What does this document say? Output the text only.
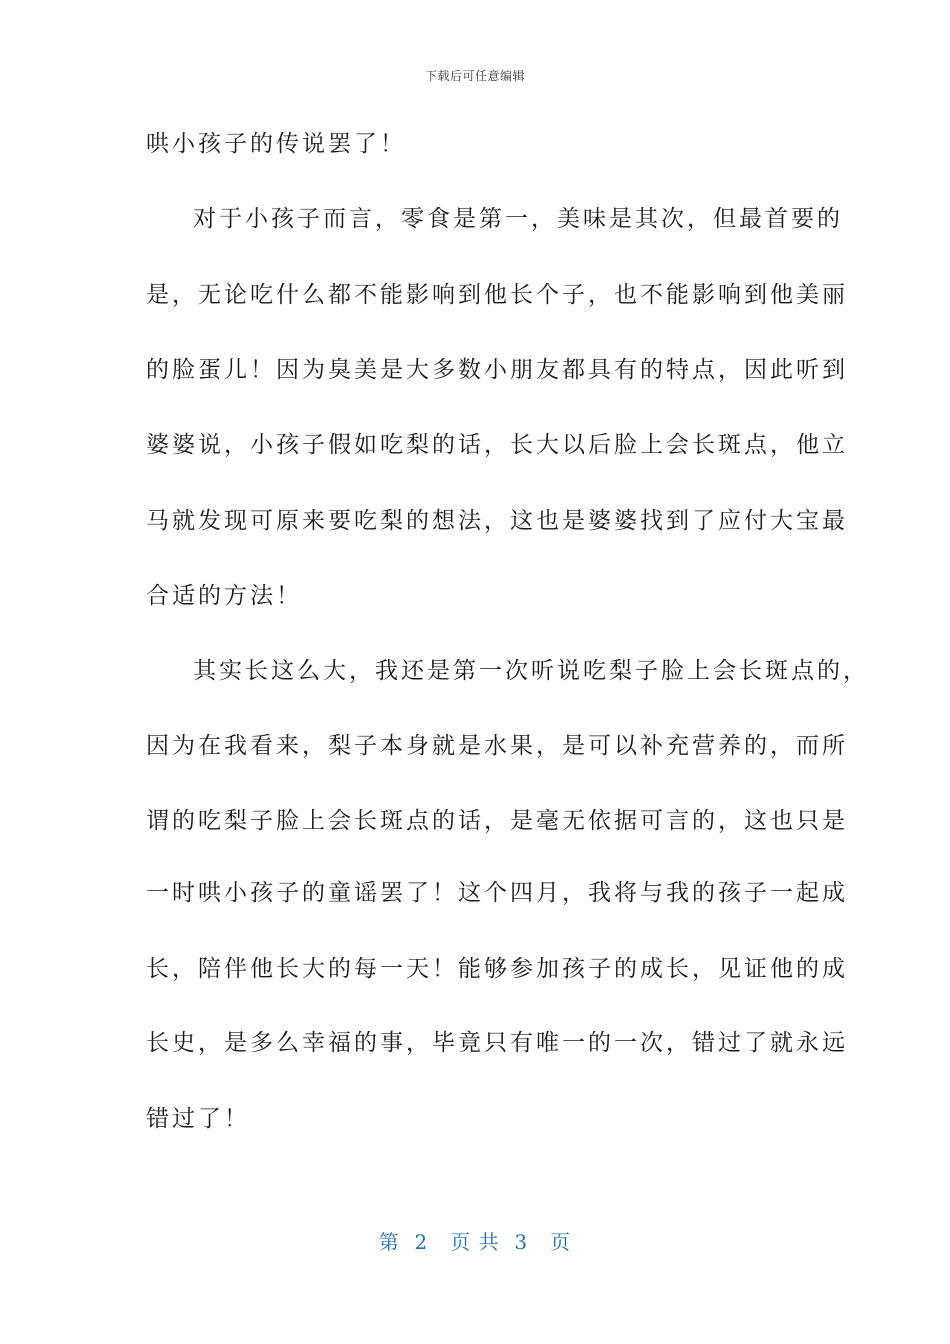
下载后可任意编辑
哄小孩子的传说罢了！
对于小孩子而言，零食是第一，美味是其次，但最首要的
是，无论吃什么都不能影响到他长个子，也不能影响到他美丽
的脸蛋儿！因为臭美是大多数小朋友都具有的特点，因此听到
婆婆说，小孩子假如吃梨的话，长大以后脸上会长斑点，他立
马就发现可原来要吃梨的想法，这也是婆婆找到了应付大宝最
合适的方法！
其实长这么大，我还是第一次听说吃梨子脸上会长斑点的，
因为在我看来，梨子本身就是水果，是可以补充营养的，而所
谓的吃梨子脸上会长斑点的话，是毫无依据可言的，这也只是
一时哄小孩子的童谣罢了！这个四月，我将与我的孩子一起成
长，陪伴他长大的每一天！能够参加孩子的成长，见证他的成
长史，是多么幸福的事，毕竟只有唯一的一次，错过了就永远
错过了！
第  2   页 共  3   页
